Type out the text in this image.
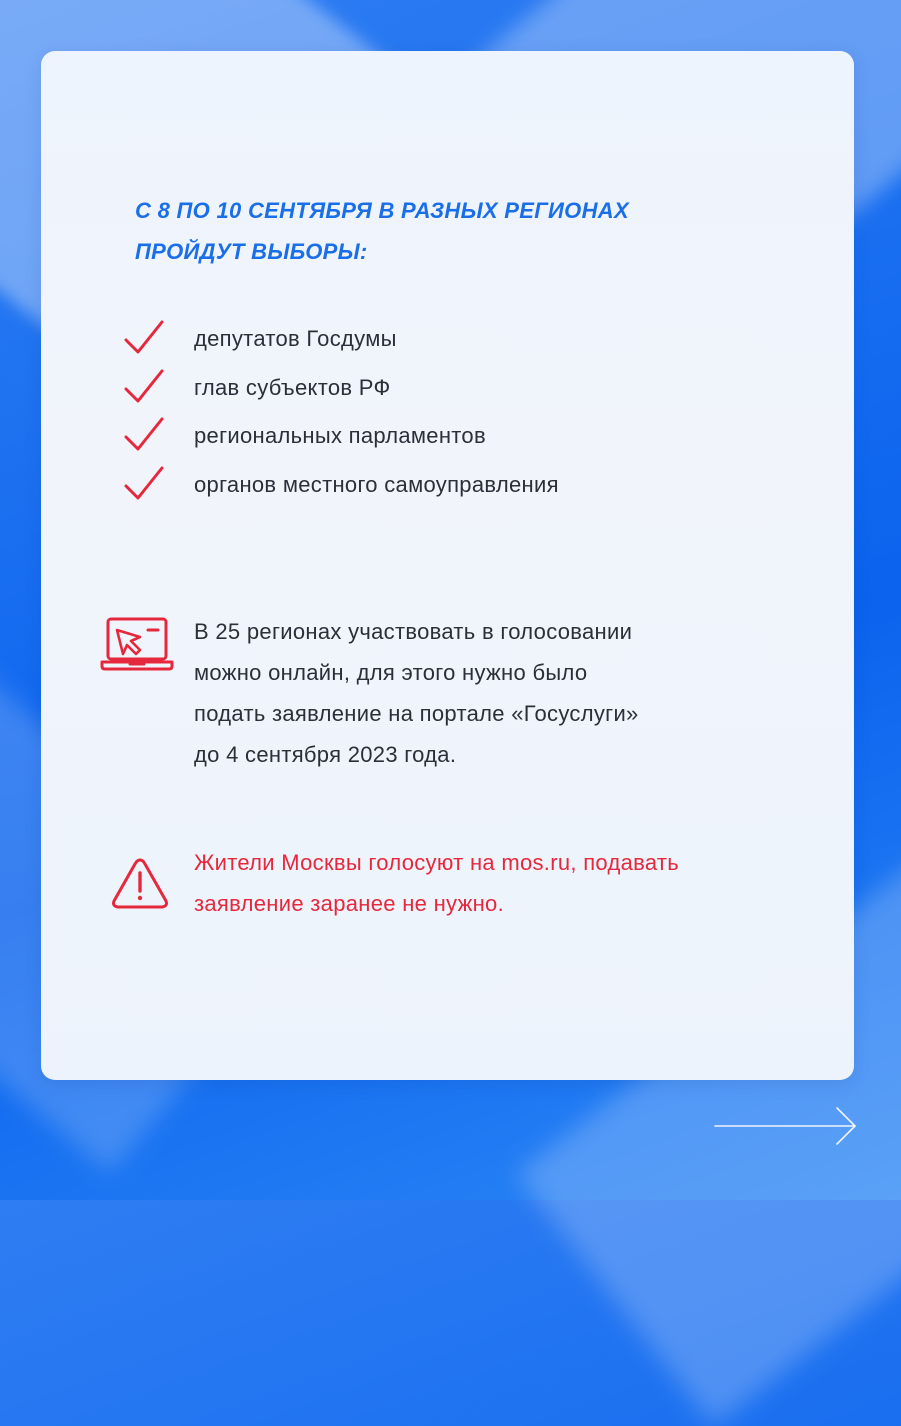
С 8 ПО 10 СЕНТЯБРЯ В РАЗНЫХ РЕГИОНАХ
ПРОЙДУТ ВЫБОРЫ:
депутатов Госдумы
глав субъектов РФ
региональных парламентов
органов местного самоуправления
В 25 регионах участвовать в голосовании
можно онлайн, для этого нужно было
подать заявление на портале «Госуслуги»
до 4 сентября 2023 года.
Жители Москвы голосуют на mos.ru, подавать
заявление заранее не нужно.
